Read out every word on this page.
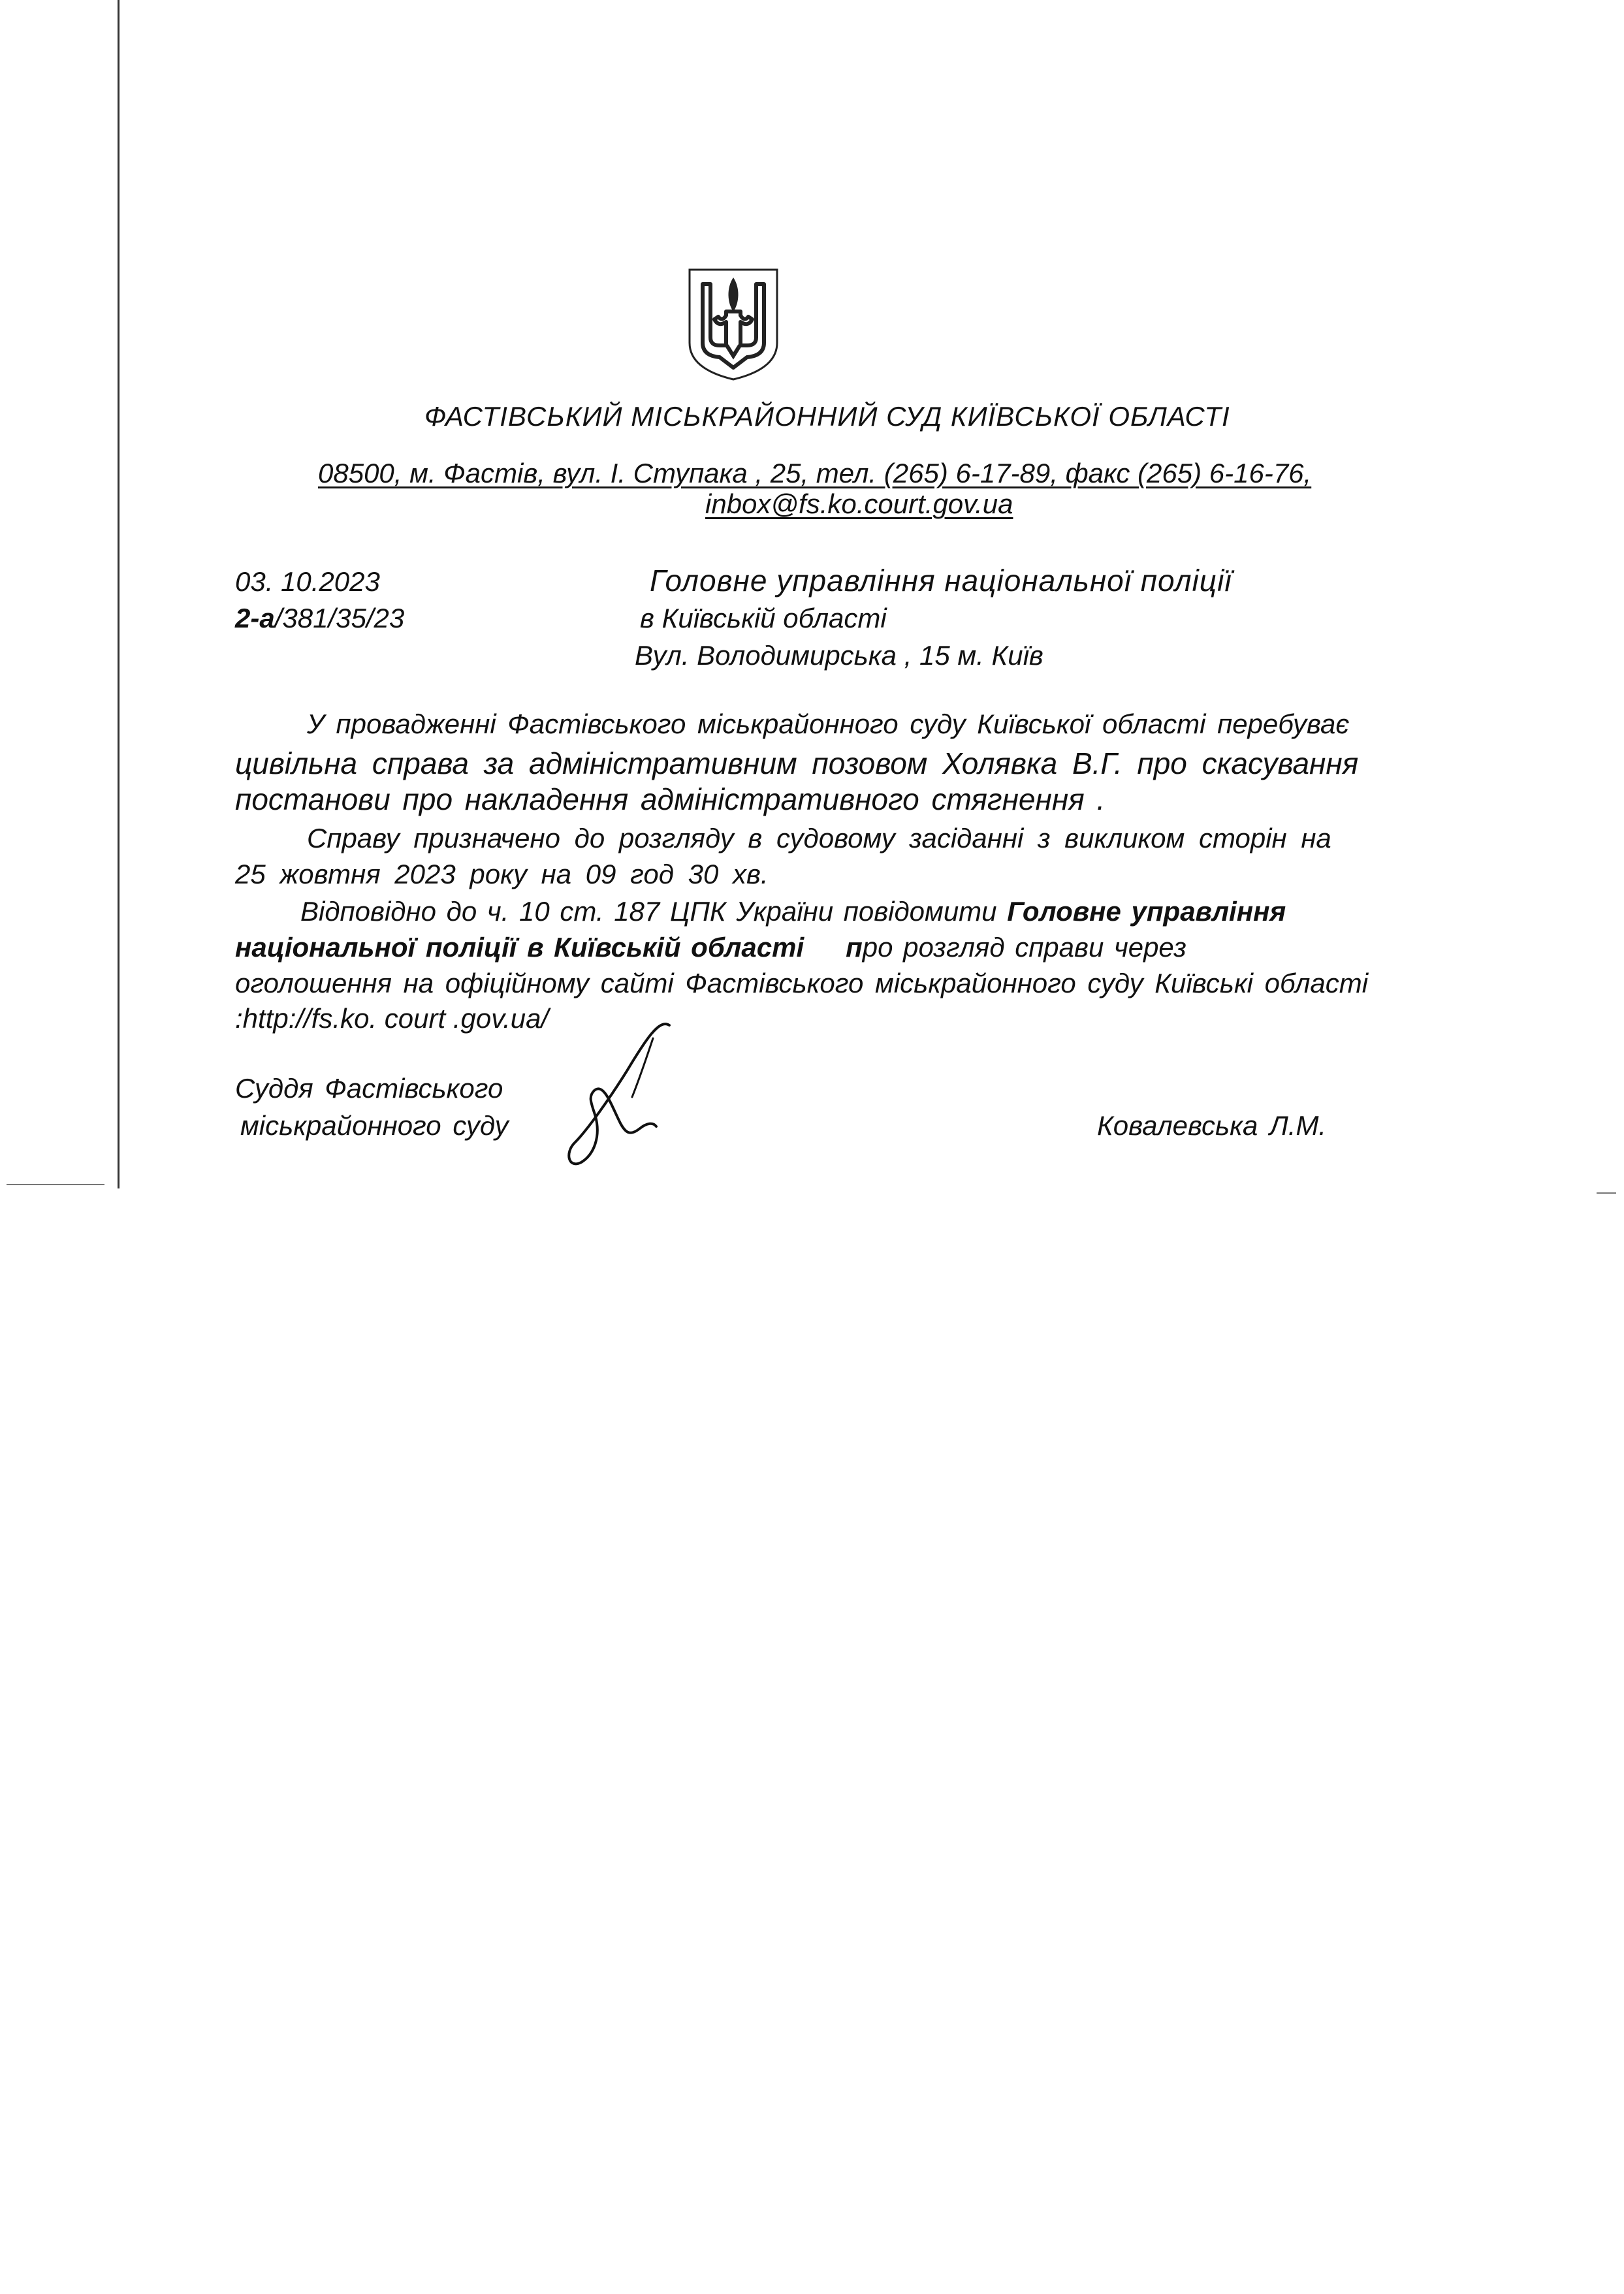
ФАСТІВСЬКИЙ МІСЬКРАЙОННИЙ СУД КИЇВСЬКОЇ ОБЛАСТІ
08500, м. Фастів, вул. І. Ступака , 25, тел. (265) 6-17-89, факс (265) 6-16-76,
inbox@fs.ko.court.gov.ua
03. 10.2023
2-а/381/35/23
Головне управління національної поліції
в Київській області
Вул. Володимирська , 15 м. Київ
У провадженні Фастівського міськрайонного суду Київської області перебуває
цивільна справа за адміністративним позовом Холявка В.Г. про скасування
постанови про накладення адміністративного стягнення .
Справу призначено до розгляду в судовому засіданні з викликом сторін на
25 жовтня 2023 року на 09 год 30 хв.
Відповідно до ч. 10 ст. 187 ЦПК України повідомити Головне управління
національної поліції в Київській області про розгляд справи через
оголошення на офіційному сайті Фастівського міськрайонного суду Київські області
:http://fs.ko. court .gov.ua/
Суддя Фастівського
міськрайонного суду	Ковалевська Л.М.
